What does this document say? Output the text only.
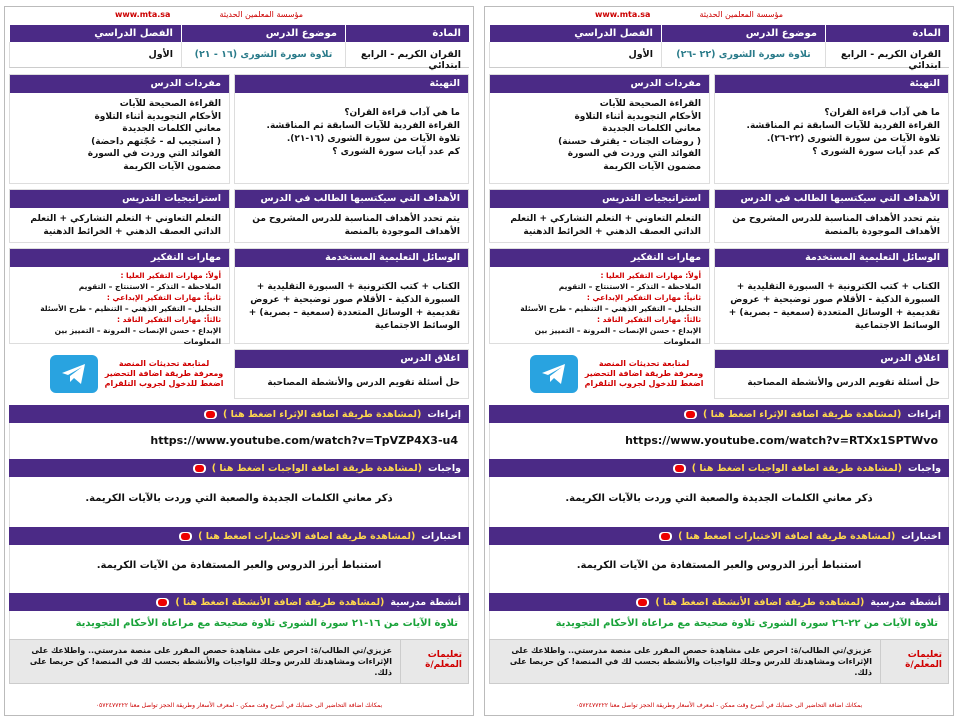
مؤسسة المعلمين الحديثة
www.mta.sa
المادة
موضوع الدرس
الفصل الدراسي
القران الكريم - الرابع ابتدائي
تلاوة سورة الشورى (٢٢ -٢٦)
الأول
التهيئة
ما هي آداب قراءة القران؟
القراءة الفردية للآيات السابقة ثم المناقشة.
تلاوة الآيات من سورة الشورى (٢٢-٢٦).
كم عدد آيات سورة الشورى ؟
مفردات الدرس
القراءة الصحيحة للآيات
الأحكام التجويدية أثناء التلاوة
معاني الكلمات الجديدة
( روضات الجنات - يقترف حسنة)
الفوائد التي وردت في السورة
مضمون الآيات الكريمة
الأهداف التي سيكتسبها الطالب في الدرس
يتم تحدد الأهداف المناسبة للدرس المشروح من الأهداف الموجودة بالمنصة
استراتيجيات التدريس
التعلم التعاوني + التعلم التشاركي + التعلم الذاتي العصف الذهني + الخرائط الذهنية
الوسائل التعليمية المستخدمة
الكتاب + كتب الكترونية + السبورة التقليدية + السبورة الذكية - الأقلام صور توضيحية + عروض تقديمية + الوسائل المتعددة (سمعية – بصرية) + الوسائط الاجتماعية
مهارات التفكير
أولاً: مهارات التفكير العليا :
الملاحظة – التذكر – الاستنتاج – التقويم
ثانياً: مهارات التفكير الإبداعي :
التحليل – التفكير الذهني – التنظيم - طرح الأسئلة
ثالثاً: مهارات التفكير الناقد :
الإبداع - حسن الإنصات - المرونة – التمييز بين المعلومات
اغلاق الدرس
حل أسئلة تقويم الدرس والأنشطة المصاحبة
لمتابعة تحديثات المنصة ومعرفة طريقة اضافة التحضير اضغط للدخول لجروب التلقرام
إثراءات
(لمشاهدة طريقة اضافة الإثراء اضغط هنا )
https://www.youtube.com/watch?v=RTXx1SPTWvo
واجبات
(لمشاهدة طريقة اضافة الواجبات اضغط هنا )
ذكر معاني الكلمات الجديدة والصعبة التي وردت بالآيات الكريمة.
اختبارات
(لمشاهدة طريقة اضافة الاختبارات اضغط هنا )
استنباط أبرز الدروس والعبر المستفادة من الآيات الكريمة.
أنشطة مدرسية
(لمشاهدة طريقة اضافة الأنشطة اضغط هنا )
تلاوة الآيات من ٢٢-٢٦ سورة الشورى تلاوة صحيحة مع مراعاة الأحكام التجويدية
تعليمات المعلم/ة
عزيزي/تي الطالب/ة: احرص على مشاهدة حصص المقرر على منصة مدرستي.. واطلاعك على الإثراءات ومشاهدتك للدرس وحلك للواجبات والأنشطة بحسب لك في المنصة! كن حريصا على ذلك.
بمكانك اضافة التحاضير الى حسابك في أسرع وقت ممكن - لمعرف الأسعار وطريقة الحجز تواصل معنا ٠٥٧٢٤٧٧٢٢٢
مؤسسة المعلمين الحديثة
www.mta.sa
المادة
موضوع الدرس
الفصل الدراسي
القران الكريم - الرابع ابتدائي
تلاوة سورة الشورى (١٦ - ٢١)
الأول
التهيئة
ما هي آداب قراءة القران؟
القراءة الفردية للآيات السابقة ثم المناقشة.
تلاوة الآيات من سورة الشورى (١٦-٢١).
كم عدد آيات سورة الشورى ؟
مفردات الدرس
القراءة الصحيحة للآيات
الأحكام التجويدية أثناء التلاوة
معاني الكلمات الجديدة
( استجيب له - حُجّتهم داحضة)
الفوائد التي وردت في السورة
مضمون الآيات الكريمة
الأهداف التي سيكتسبها الطالب في الدرس
يتم تحدد الأهداف المناسبة للدرس المشروح من الأهداف الموجودة بالمنصة
استراتيجيات التدريس
التعلم التعاوني + التعلم التشاركي + التعلم الذاتي العصف الذهني + الخرائط الذهنية
الوسائل التعليمية المستخدمة
الكتاب + كتب الكترونية + السبورة التقليدية + السبورة الذكية - الأقلام صور توضيحية + عروض تقديمية + الوسائل المتعددة (سمعية – بصرية) + الوسائط الاجتماعية
مهارات التفكير
أولاً: مهارات التفكير العليا :
الملاحظة – التذكر – الاستنتاج – التقويم
ثانياً: مهارات التفكير الإبداعي :
التحليل – التفكير الذهني – التنظيم - طرح الأسئلة
ثالثاً: مهارات التفكير الناقد :
الإبداع - حسن الإنصات - المرونة – التمييز بين المعلومات
اغلاق الدرس
حل أسئلة تقويم الدرس والأنشطة المصاحبة
لمتابعة تحديثات المنصة ومعرفة طريقة اضافة التحضير اضغط للدخول لجروب التلقرام
إثراءات
(لمشاهدة طريقة اضافة الإثراء اضغط هنا )
https://www.youtube.com/watch?v=TpVZP4X3-u4
واجبات
(لمشاهدة طريقة اضافة الواجبات اضغط هنا )
ذكر معاني الكلمات الجديدة والصعبة التي وردت بالآيات الكريمة.
اختبارات
(لمشاهدة طريقة اضافة الاختبارات اضغط هنا )
استنباط أبرز الدروس والعبر المستفادة من الآيات الكريمة.
أنشطة مدرسية
(لمشاهدة طريقة اضافة الأنشطة اضغط هنا )
تلاوة الآيات من ١٦-٢١ سورة الشورى تلاوة صحيحة مع مراعاة الأحكام التجويدية
تعليمات المعلم/ة
عزيزي/تي الطالب/ة: احرص على مشاهدة حصص المقرر على منصة مدرستي.. واطلاعك على الإثراءات ومشاهدتك للدرس وحلك للواجبات والأنشطة بحسب لك في المنصة! كن حريصا على ذلك.
بمكانك اضافة التحاضير الى حسابك في أسرع وقت ممكن - لمعرف الأسعار وطريقة الحجز تواصل معنا ٠٥٧٢٤٧٧٢٢٢
